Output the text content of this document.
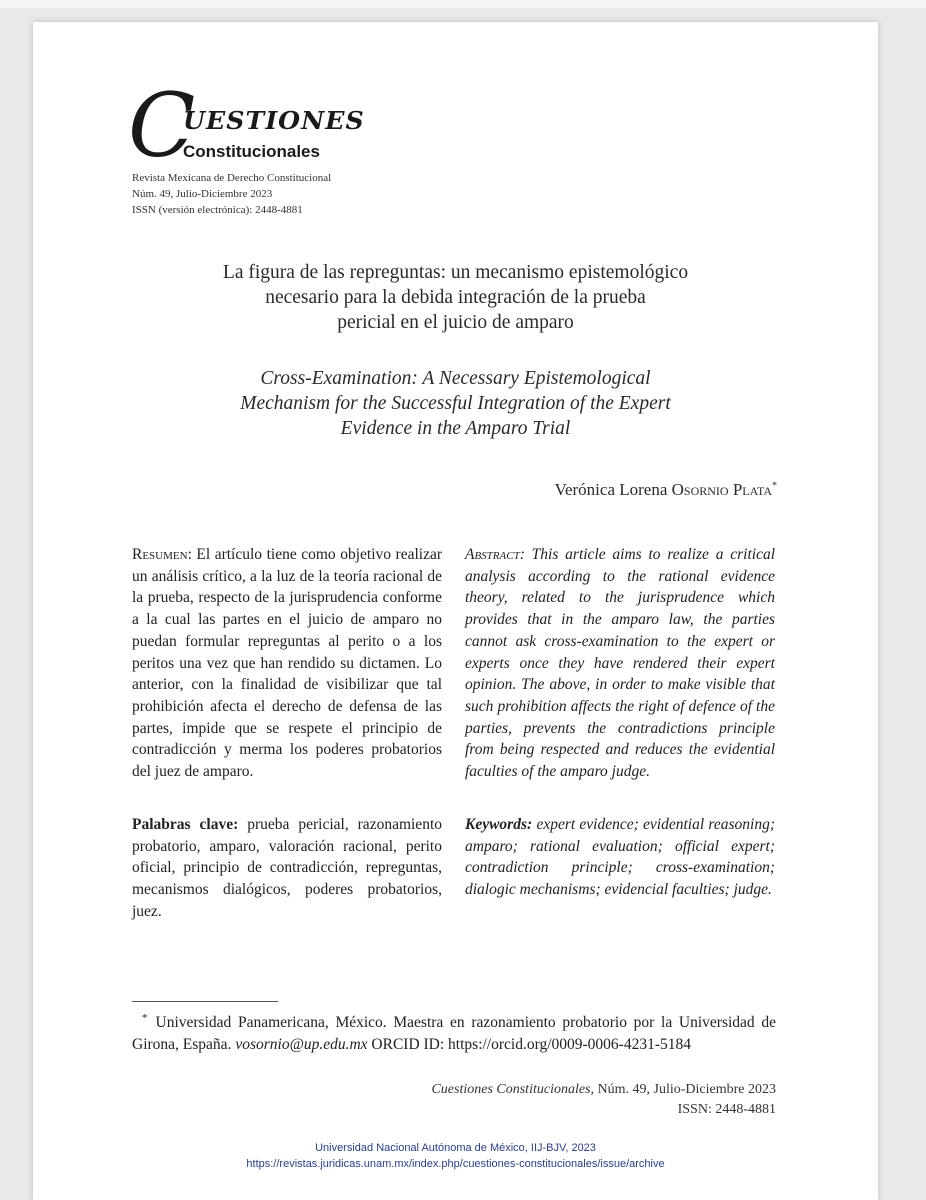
C
UESTIONES
Constitucionales
Revista Mexicana de Derecho Constitucional
Núm. 49, Julio-Diciembre 2023
ISSN (versión electrónica): 2448-4881
La figura de las repreguntas: un mecanismo epistemológico
necesario para la debida integración de la prueba
pericial en el juicio de amparo
Cross-Examination: A Necessary Epistemological
Mechanism for the Successful Integration of the Expert
Evidence in the Amparo Trial
Verónica Lorena Osornio Plata*
Resumen: El artículo tiene como objetivo realizar un análisis crítico, a la luz de la teoría racional de la prueba, respecto de la jurisprudencia conforme a la cual las partes en el juicio de amparo no puedan formular repreguntas al perito o a los peritos una vez que han rendido su dictamen. Lo anterior, con la finalidad de visibilizar que tal prohibición afecta el derecho de defensa de las partes, impide que se respete el principio de contradicción y merma los poderes probatorios del juez de amparo.
Abstract: This article aims to realize a critical analysis according to the rational evidence theory, related to the jurisprudence which provides that in the amparo law, the parties cannot ask cross-examination to the expert or experts once they have rendered their expert opinion. The above, in order to make visible that such prohibition affects the right of defence of the parties, prevents the contradictions principle from being respected and reduces the evidential faculties of the amparo judge.
Palabras clave: prueba pericial, razonamiento probatorio, amparo, valoración racional, perito oficial, principio de contradicción, repreguntas, mecanismos dialógicos, poderes probatorios, juez.
Keywords: expert evidence; evidential reasoning; amparo; rational evaluation; official expert; contradiction principle; cross-examination; dialogic mechanisms; evidencial faculties; judge.
* Universidad Panamericana, México. Maestra en razonamiento probatorio por la Universidad de Girona, España. vosornio@up.edu.mx ORCID ID: https://orcid.org/0009-0006-4231-5184
Cuestiones Constitucionales, Núm. 49, Julio-Diciembre 2023
ISSN: 2448-4881
Universidad Nacional Autónoma de México, IIJ-BJV, 2023
https://revistas.juridicas.unam.mx/index.php/cuestiones-constitucionales/issue/archive
